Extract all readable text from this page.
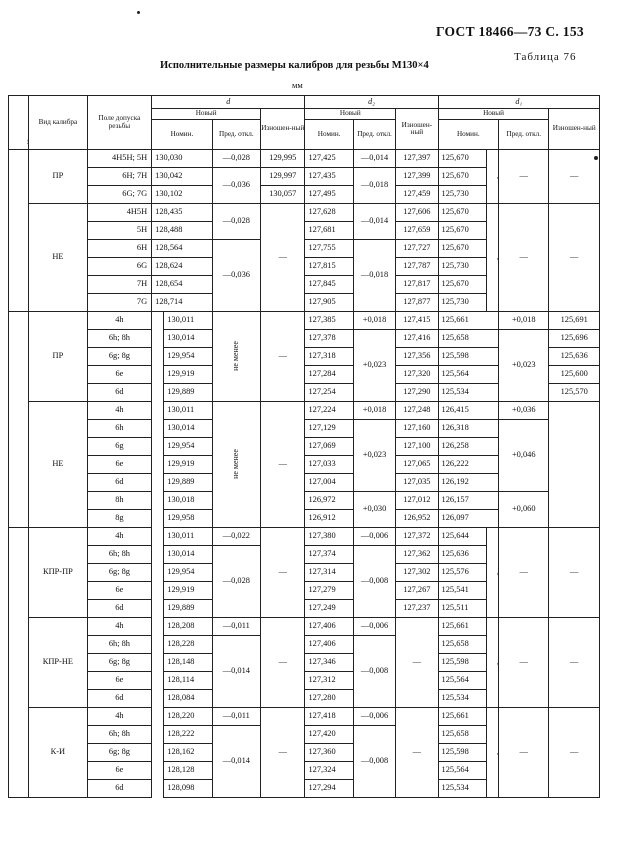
ГОСТ 18466—73 С. 153
Таблица 76
Исполнительные размеры калибров для резьбы М130×4
мм
Наименование	Вид калибра	Поле допуска резьбы	d				d₂			d₁			
			Новый			Изношен-ный	Новый		Изношен-ный	Новый			Изношен-ный
			Номин.		Пред. откл.		Номин.	Пред. откл.		Номин.		Пред. откл.	
	ПР	4Н5Н; 5Н	130,030		—0,028	129,995	127,425	—0,014	127,397	125,670	не более	—	—
		6Н; 7Н	130,042		—0,036	129,997	127,435	—0,018	127,399	125,670			
		6G; 7G	130,102			130,057	127,495		127,459	125,730			
	НЕ	4Н5Н	128,435		—0,028	—	127,628	—0,014	127,606	125,670	не более	—	—
		5Н	128,488				127,681		127,659	125,670			
		6Н	128,564		—0,036		127,755	—0,018	127,727	125,670			
		6G	128,624				127,815		127,787	125,730			
		7Н	128,654				127,845		127,817	125,670			
		7G	128,714				127,905		127,877	125,730			
	ПР	4h		130,011	не менее	—	127,385	+0,018	127,415	125,661		+0,018	125,691
		6h; 8h		130,014			127,378	+0,023	127,416	125,658		+0,023	125,696
		6g; 8g		129,954			127,318		127,356	125,598			125,636
		6e		129,919			127,284		127,320	125,564			125,600
		6d		129,889			127,254		127,290	125,534			125,570
	НЕ	4h		130,011	не менее	—	127,224	+0,018	127,248	126,415		+0,036	
		6h		130,014			127,129	+0,023	127,160	126,318		+0,046	
		6g		129,954			127,069		127,100	126,258			
		6e		129,919			127,033		127,065	126,222			
		6d		129,889			127,004		127,035	126,192			
		8h		130,018			126,972	+0,030	127,012	126,157		+0,060	
		8g		129,958			126,912		126,952	126,097			
	КПР-ПР	4h		130,011	—0,022	—	127,380	—0,006	127,372	125,644	не более	—	—
		6h; 8h		130,014	—0,028		127,374	—0,008	127,362	125,636			
		6g; 8g		129,954			127,314		127,302	125,576			
		6e		129,919			127,279		127,267	125,541			
		6d		129,889			127,249		127,237	125,511			
	КПР-НЕ	4h		128,208	—0,011	—	127,406	—0,006	—	125,661	не более	—	—
		6h; 8h		128,228	—0,014		127,406	—0,008		125,658			
		6g; 8g		128,148			127,346			125,598			
		6e		128,114			127,312			125,564			
		6d		128,084			127,280			125,534			
	К-И	4h		128,220	—0,011	—	127,418	—0,006	—	125,661	не более	—	—
		6h; 8h		128,222	—0,014		127,420	—0,008		125,658			
		6g; 8g		128,162			127,360			125,598			
		6e		128,128			127,324			125,564			
		6d		128,098			127,294			125,534			
